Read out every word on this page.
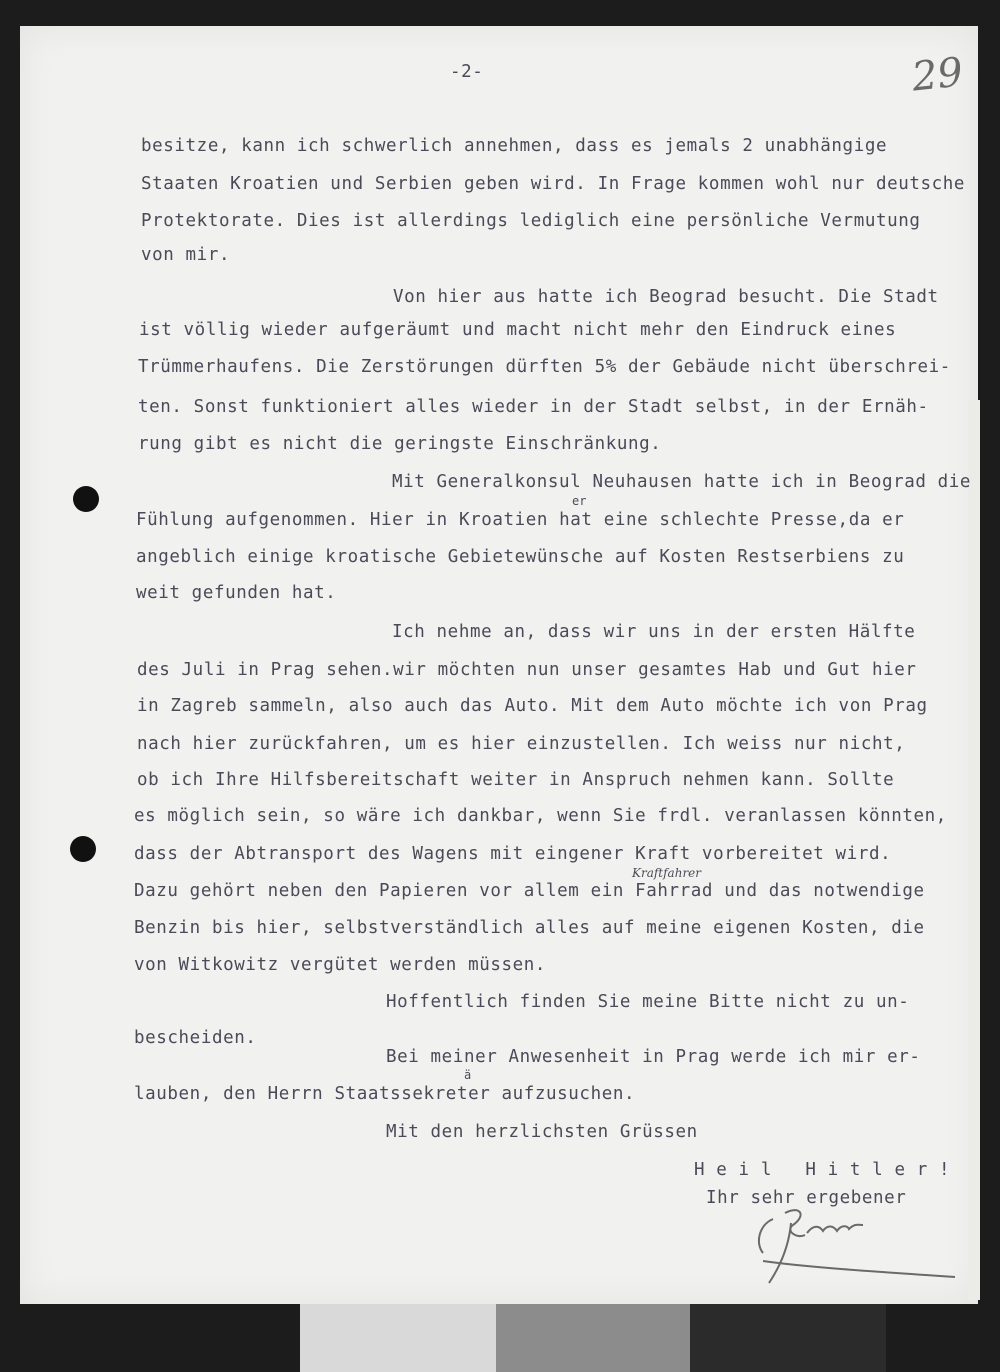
-2-	29
besitze, kann ich schwerlich annehmen, dass es jemals 2 unabhängige
Staaten Kroatien und Serbien geben wird. In Frage kommen wohl nur deutsche
Protektorate. Dies ist allerdings lediglich eine persönliche Vermutung
von mir.
Von hier aus hatte ich Beograd besucht. Die Stadt
ist völlig wieder aufgeräumt und macht nicht mehr den Eindruck eines
Trümmerhaufens. Die Zerstörungen dürften 5% der Gebäude nicht überschrei-
ten. Sonst funktioniert alles wieder in der Stadt selbst, in der Ernäh-
rung gibt es nicht die geringste Einschränkung.
Mit Generalkonsul Neuhausen hatte ich in Beograd die
er
Fühlung aufgenommen. Hier in Kroatien hat eine schlechte Presse,da er
angeblich einige kroatische Gebietewünsche auf Kosten Restserbiens zu
weit gefunden hat.
Ich nehme an, dass wir uns in der ersten Hälfte
des Juli in Prag sehen.wir möchten nun unser gesamtes Hab und Gut hier
in Zagreb sammeln, also auch das Auto. Mit dem Auto möchte ich von Prag
nach hier zurückfahren, um es hier einzustellen. Ich weiss nur nicht,
ob ich Ihre Hilfsbereitschaft weiter in Anspruch nehmen kann. Sollte
es möglich sein, so wäre ich dankbar, wenn Sie frdl. veranlassen könnten,
dass der Abtransport des Wagens mit eingener Kraft vorbereitet wird.
Kraftfahrer
Dazu gehört neben den Papieren vor allem ein Fahrrad und das notwendige
Benzin bis hier, selbstverständlich alles auf meine eigenen Kosten, die
von Witkowitz vergütet werden müssen.
Hoffentlich finden Sie meine Bitte nicht zu un-
bescheiden.
Bei meiner Anwesenheit in Prag werde ich mir er-
ä
lauben, den Herrn Staatssekreter aufzusuchen.
Mit den herzlichsten Grüssen
H e i l   H i t l e r !
Ihr sehr ergebener
